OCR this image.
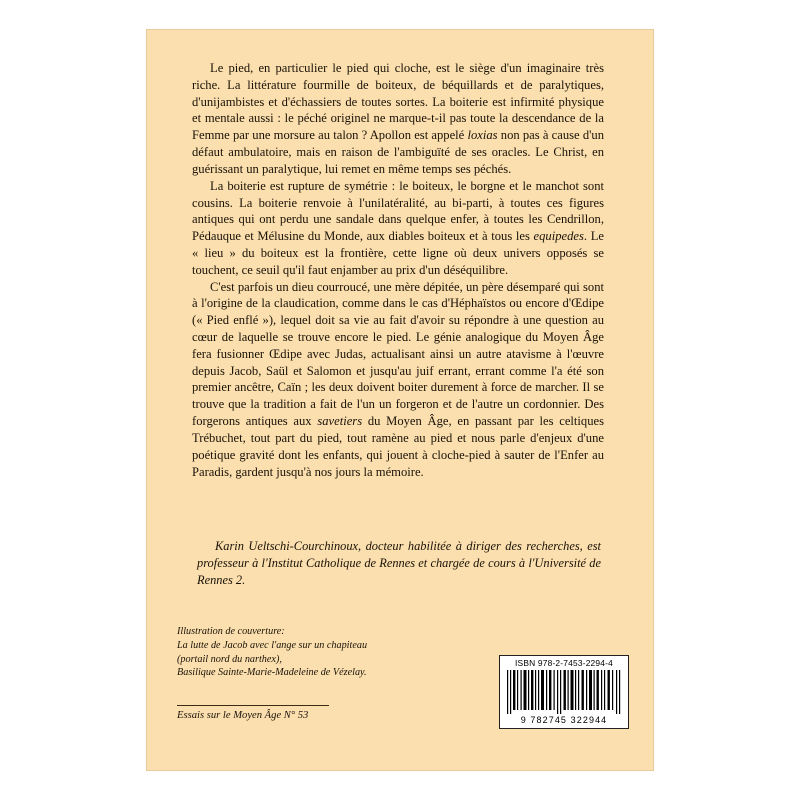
Le pied, en particulier le pied qui cloche, est le siège d'un imaginaire très riche. La littérature fourmille de boiteux, de béquillards et de paralytiques, d'unijambistes et d'échassiers de toutes sortes. La boiterie est infirmité physique et mentale aussi : le péché originel ne marque-t-il pas toute la descendance de la Femme par une morsure au talon ? Apollon est appelé loxias non pas à cause d'un défaut ambulatoire, mais en raison de l'ambiguïté de ses oracles. Le Christ, en guérissant un paralytique, lui remet en même temps ses péchés.

La boiterie est rupture de symétrie : le boiteux, le borgne et le manchot sont cousins. La boiterie renvoie à l'unilatéralité, au bi-parti, à toutes ces figures antiques qui ont perdu une sandale dans quelque enfer, à toutes les Cendrillon, Pédauque et Mélusine du Monde, aux diables boiteux et à tous les equipedes. Le « lieu » du boiteux est la frontière, cette ligne où deux univers opposés se touchent, ce seuil qu'il faut enjamber au prix d'un déséquilibre.

C'est parfois un dieu courroucé, une mère dépitée, un père désemparé qui sont à l'origine de la claudication, comme dans le cas d'Héphaïstos ou encore d'Œdipe (« Pied enflé »), lequel doit sa vie au fait d'avoir su répondre à une question au cœur de laquelle se trouve encore le pied. Le génie analogique du Moyen Âge fera fusionner Œdipe avec Judas, actualisant ainsi un autre atavisme à l'œuvre depuis Jacob, Saül et Salomon et jusqu'au juif errant, errant comme l'a été son premier ancêtre, Caïn ; les deux doivent boiter durement à force de marcher. Il se trouve que la tradition a fait de l'un un forgeron et de l'autre un cordonnier. Des forgerons antiques aux savetiers du Moyen Âge, en passant par les celtiques Trébuchet, tout part du pied, tout ramène au pied et nous parle d'enjeux d'une poétique gravité dont les enfants, qui jouent à cloche-pied à sauter de l'Enfer au Paradis, gardent jusqu'à nos jours la mémoire.

Karin Ueltschi-Courchinoux, docteur habilitée à diriger des recherches, est professeur à l'Institut Catholique de Rennes et chargée de cours à l'Université de Rennes 2.
Illustration de couverture:
La lutte de Jacob avec l'ange sur un chapiteau
(portail nord du narthex),
Basilique Sainte-Marie-Madeleine de Vézelay.
Essais sur le Moyen Âge N° 53
ISBN 978-2-7453-2294-4
9 782745 322944
